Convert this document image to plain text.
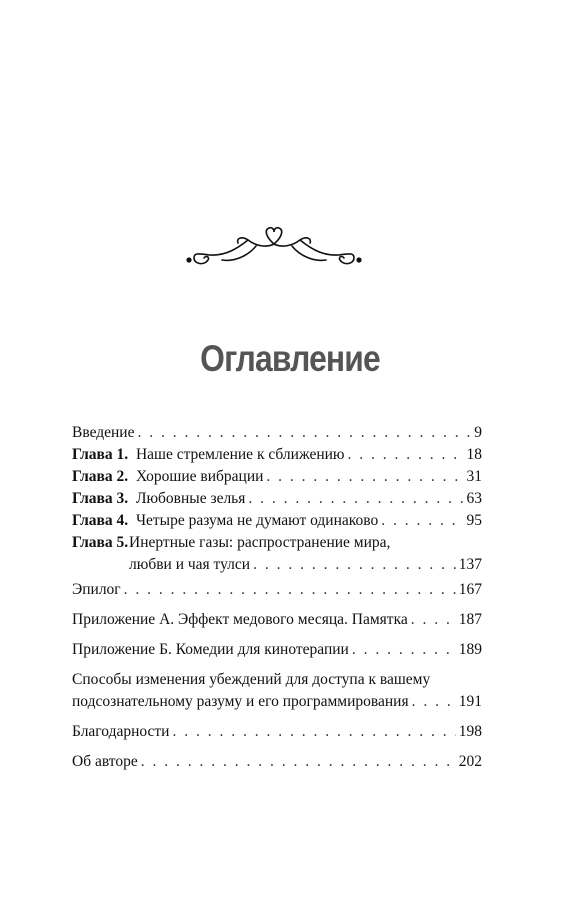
Оглавление
Введение . . .	9
Глава 1. Наше стремление к сближению . . .	18
Глава 2. Хорошие вибрации . . .	31
Глава 3. Любовные зелья . . .	63
Глава 4. Четыре разума не думают одинаково . . .	95
Глава 5. Инертные газы: распространение мира,
любви и чая тулси . . .	137
Эпилог . . .	167
Приложение А. Эффект медового месяца. Памятка . . .	187
Приложение Б. Комедии для кинотерапии . . .	189
Способы изменения убеждений для доступа к вашему
подсознательному разуму и его программирования . . .	191
Благодарности . . .	198
Об авторе . . .	202
